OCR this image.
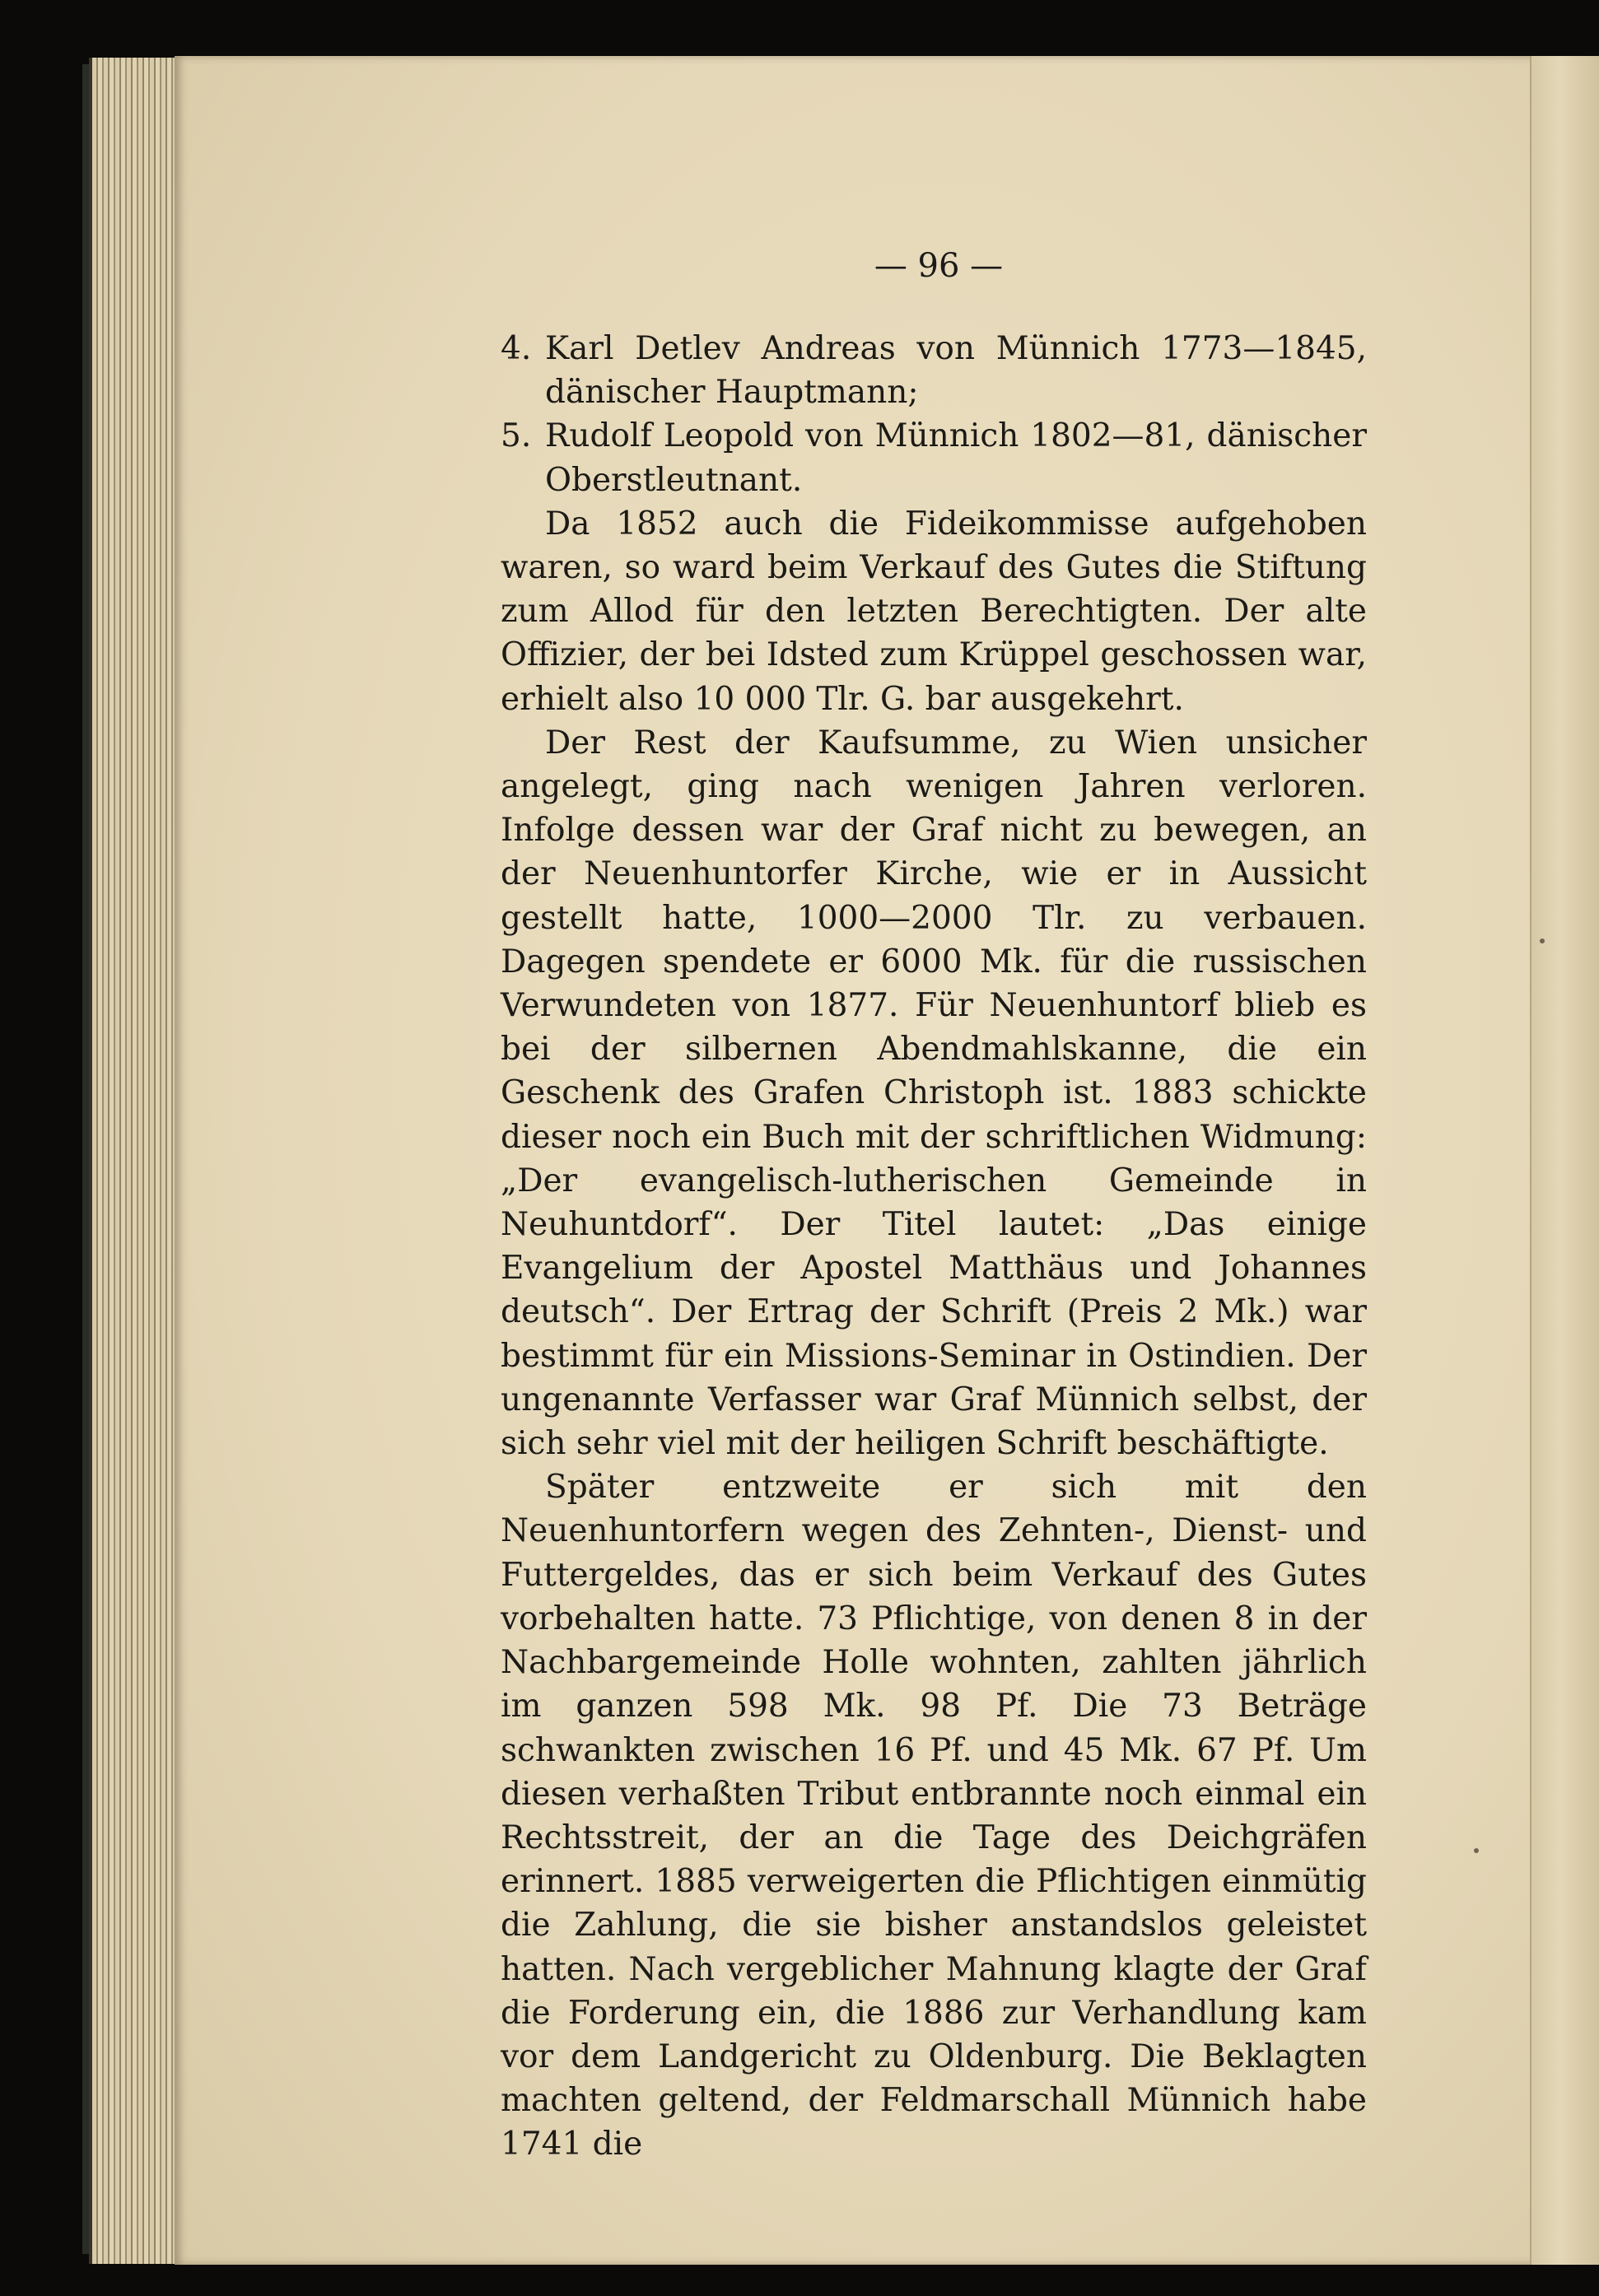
— 96 —
4. Karl Detlev Andreas von Münnich 1773—1845, dänischer Hauptmann;
5. Rudolf Leopold von Münnich 1802—81, dänischer Oberstleutnant.

Da 1852 auch die Fideikommisse aufgehoben waren, so ward beim Verkauf des Gutes die Stiftung zum Allod für den letzten Berechtigten. Der alte Offizier, der bei Idsted zum Krüppel geschossen war, erhielt also 10 000 Tlr. G. bar ausgekehrt.

Der Rest der Kaufsumme, zu Wien unsicher angelegt, ging nach wenigen Jahren verloren. Infolge dessen war der Graf nicht zu bewegen, an der Neuenhuntorfer Kirche, wie er in Aussicht gestellt hatte, 1000—2000 Tlr. zu verbauen. Dagegen spendete er 6000 Mk. für die russischen Verwundeten von 1877. Für Neuenhuntorf blieb es bei der silbernen Abendmahlskanne, die ein Geschenk des Grafen Christoph ist. 1883 schickte dieser noch ein Buch mit der schriftlichen Widmung: „Der evangelisch-lutherischen Gemeinde in Neuhuntdorf“. Der Titel lautet: „Das einige Evangelium der Apostel Matthäus und Johannes deutsch“. Der Ertrag der Schrift (Preis 2 Mk.) war bestimmt für ein Missions-Seminar in Ostindien. Der ungenannte Verfasser war Graf Münnich selbst, der sich sehr viel mit der heiligen Schrift beschäftigte.

Später entzweite er sich mit den Neuenhuntorfern wegen des Zehnten-, Dienst- und Futtergeldes, das er sich beim Verkauf des Gutes vorbehalten hatte. 73 Pflichtige, von denen 8 in der Nachbargemeinde Holle wohnten, zahlten jährlich im ganzen 598 Mk. 98 Pf. Die 73 Beträge schwankten zwischen 16 Pf. und 45 Mk. 67 Pf. Um diesen verhaßten Tribut entbrannte noch einmal ein Rechtsstreit, der an die Tage des Deichgräfen erinnert. 1885 verweigerten die Pflichtigen einmütig die Zahlung, die sie bisher anstandslos geleistet hatten. Nach vergeblicher Mahnung klagte der Graf die Forderung ein, die 1886 zur Verhandlung kam vor dem Landgericht zu Oldenburg. Die Beklagten machten geltend, der Feldmarschall Münnich habe 1741 die
